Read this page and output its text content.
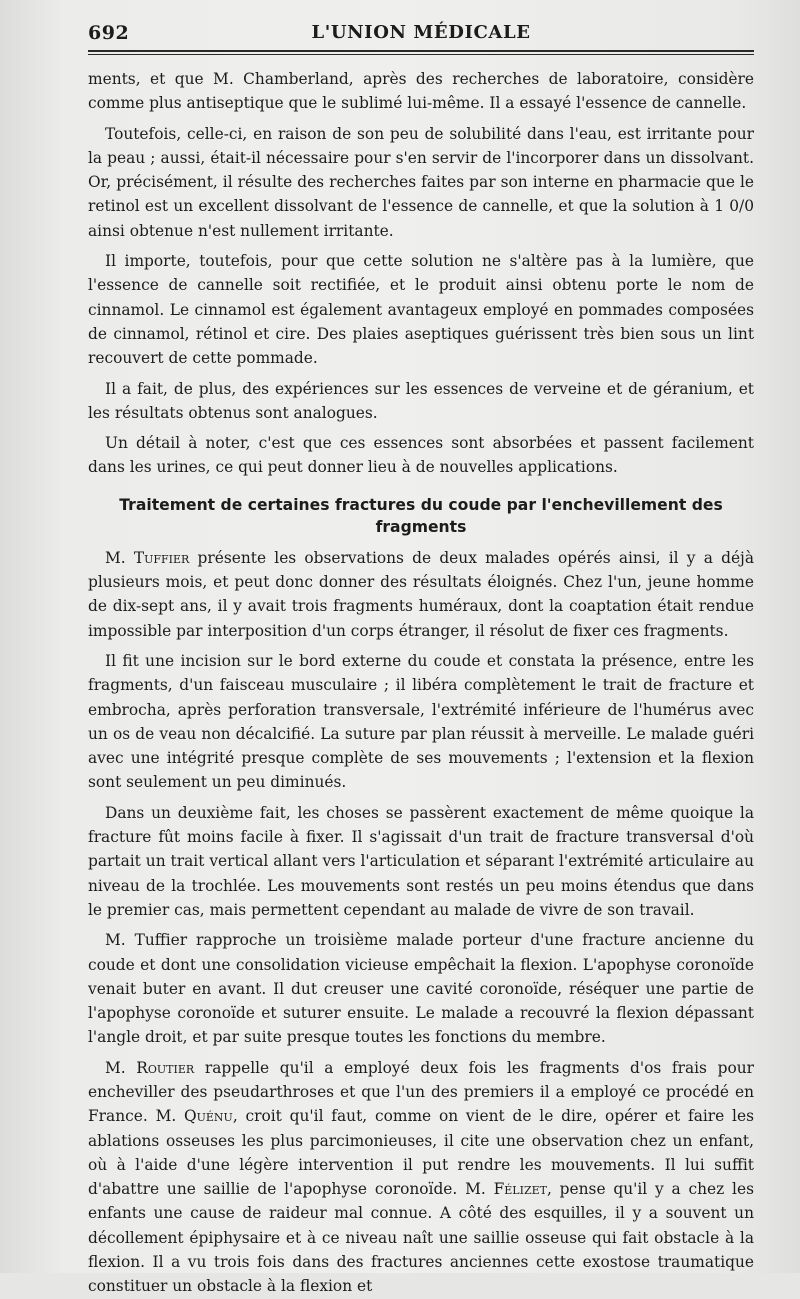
692	L'UNION MÉDICALE

ments, et que M. Chamberland, après des recherches de laboratoire, considère comme plus antiseptique que le sublimé lui-même. Il a essayé l'essence de cannelle.

Toutefois, celle-ci, en raison de son peu de solubilité dans l'eau, est irritante pour la peau ; aussi, était-il nécessaire pour s'en servir de l'incorporer dans un dissolvant. Or, précisément, il résulte des recherches faites par son interne en pharmacie que le retinol est un excellent dissolvant de l'essence de cannelle, et que la solution à 1 0/0 ainsi obtenue n'est nullement irritante.

Il importe, toutefois, pour que cette solution ne s'altère pas à la lumière, que l'essence de cannelle soit rectifiée, et le produit ainsi obtenu porte le nom de cinnamol. Le cinnamol est également avantageux employé en pommades composées de cinnamol, rétinol et cire. Des plaies aseptiques guérissent très bien sous un lint recouvert de cette pommade.

Il a fait, de plus, des expériences sur les essences de verveine et de géranium, et les résultats obtenus sont analogues.

Un détail à noter, c'est que ces essences sont absorbées et passent facilement dans les urines, ce qui peut donner lieu à de nouvelles applications.

Traitement de certaines fractures du coude par l'enchevillement des fragments

M. Tuffier présente les observations de deux malades opérés ainsi, il y a déjà plusieurs mois, et peut donc donner des résultats éloignés. Chez l'un, jeune homme de dix-sept ans, il y avait trois fragments huméraux, dont la coaptation était rendue impossible par interposition d'un corps étranger, il résolut de fixer ces fragments.

Il fit une incision sur le bord externe du coude et constata la présence, entre les fragments, d'un faisceau musculaire ; il libéra complètement le trait de fracture et embrocha, après perforation transversale, l'extrémité inférieure de l'humérus avec un os de veau non décalcifié. La suture par plan réussit à merveille. Le malade guéri avec une intégrité presque complète de ses mouvements ; l'extension et la flexion sont seulement un peu diminués.

Dans un deuxième fait, les choses se passèrent exactement de même quoique la fracture fût moins facile à fixer. Il s'agissait d'un trait de fracture transversal d'où partait un trait vertical allant vers l'articulation et séparant l'extrémité articulaire au niveau de la trochlée. Les mouvements sont restés un peu moins étendus que dans le premier cas, mais permettent cependant au malade de vivre de son travail.

M. Tuffier rapproche un troisième malade porteur d'une fracture ancienne du coude et dont une consolidation vicieuse empêchait la flexion. L'apophyse coronoïde venait buter en avant. Il dut creuser une cavité coronoïde, réséquer une partie de l'apophyse coronoïde et suturer ensuite. Le malade a recouvré la flexion dépassant l'angle droit, et par suite presque toutes les fonctions du membre.

M. Routier rappelle qu'il a employé deux fois les fragments d'os frais pour encheviller des pseudarthroses et que l'un des premiers il a employé ce procédé en France. M. Quénu, croit qu'il faut, comme on vient de le dire, opérer et faire les ablations osseuses les plus parcimonieuses, il cite une observation chez un enfant, où à l'aide d'une légère intervention il put rendre les mouvements. Il lui suffit d'abattre une saillie de l'apophyse coronoïde. M. Félizet, pense qu'il y a chez les enfants une cause de raideur mal connue. A côté des esquilles, il y a souvent un décollement épiphysaire et à ce niveau naît une saillie osseuse qui fait obstacle à la flexion. Il a vu trois fois dans des fractures anciennes cette exostose traumatique constituer un obstacle à la flexion et
